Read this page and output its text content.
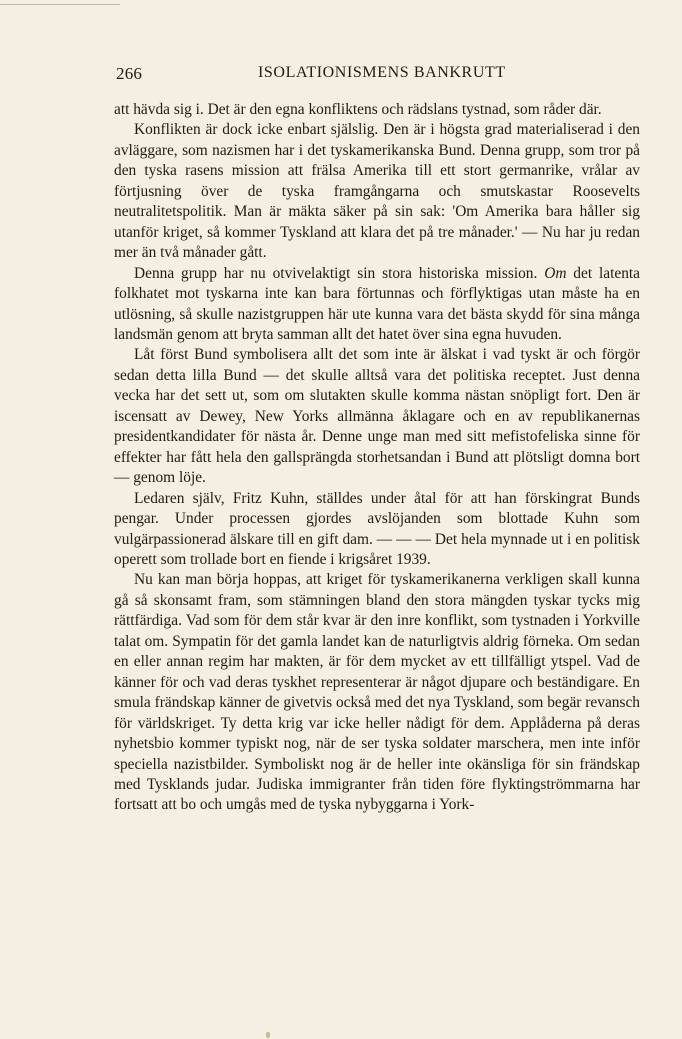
266	ISOLATIONISMENS BANKRUTT

att hävda sig i. Det är den egna konfliktens och rädslans tystnad, som råder där.

Konflikten är dock icke enbart själslig. Den är i högsta grad materialiserad i den avläggare, som nazismen har i det tyskamerikanska Bund. Denna grupp, som tror på den tyska rasens mission att frälsa Amerika till ett stort germanrike, vrålar av förtjusning över de tyska framgångarna och smutskastar Roosevelts neutralitetspolitik. Man är mäkta säker på sin sak: 'Om Amerika bara håller sig utanför kriget, så kommer Tyskland att klara det på tre månader.' — Nu har ju redan mer än två månader gått.

Denna grupp har nu otvivelaktigt sin stora historiska mission. Om det latenta folkhatet mot tyskarna inte kan bara förtunnas och förflyktigas utan måste ha en utlösning, så skulle nazistgruppen här ute kunna vara det bästa skydd för sina många landsmän genom att bryta samman allt det hatet över sina egna huvuden.

Låt först Bund symbolisera allt det som inte är älskat i vad tyskt är och förgör sedan detta lilla Bund — det skulle alltså vara det politiska receptet. Just denna vecka har det sett ut, som om slutakten skulle komma nästan snöpligt fort. Den är iscensatt av Dewey, New Yorks allmänna åklagare och en av republikanernas presidentkandidater för nästa år. Denne unge man med sitt mefistofeliska sinne för effekter har fått hela den gallsprängda storhetsandan i Bund att plötsligt domna bort — genom löje.

Ledaren själv, Fritz Kuhn, ställdes under åtal för att han förskingrat Bunds pengar. Under processen gjordes avslöjanden som blottade Kuhn som vulgärpassionerad älskare till en gift dam. — — — Det hela mynnade ut i en politisk operett som trollade bort en fiende i krigsåret 1939.

Nu kan man börja hoppas, att kriget för tyskamerikanerna verkligen skall kunna gå så skonsamt fram, som stämningen bland den stora mängden tyskar tycks mig rättfärdiga. Vad som för dem står kvar är den inre konflikt, som tystnaden i Yorkville talat om. Sympatin för det gamla landet kan de naturligtvis aldrig förneka. Om sedan en eller annan regim har makten, är för dem mycket av ett tillfälligt ytspel. Vad de känner för och vad deras tyskhet representerar är något djupare och beständigare. En smula frändskap känner de givetvis också med det nya Tyskland, som begär revansch för världskriget. Ty detta krig var icke heller nådigt för dem. Applåderna på deras nyhetsbio kommer typiskt nog, när de ser tyska soldater marschera, men inte inför speciella nazistbilder. Symboliskt nog är de heller inte okänsliga för sin frändskap med Tysklands judar. Judiska immigranter från tiden före flyktingströmmarna har fortsatt att bo och umgås med de tyska nybyggarna i York-
